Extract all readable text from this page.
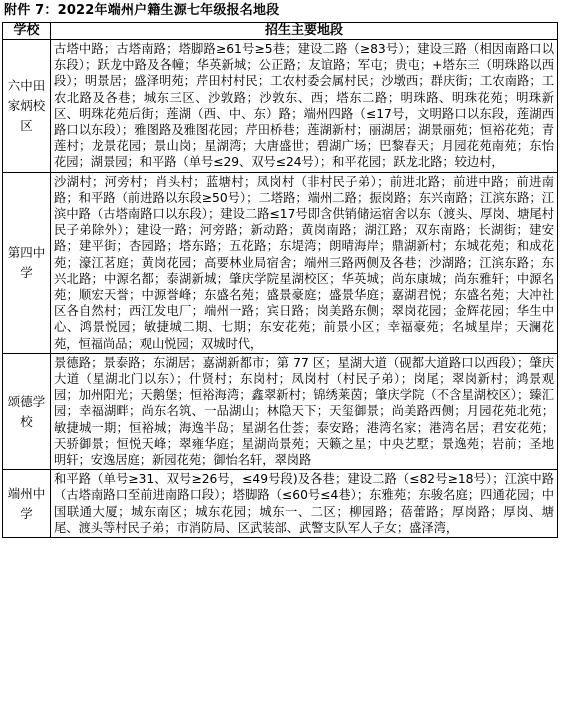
附件 7：2022年端州户籍生源七年级报名地段
学校	招生主要地段
六中田家炳校区	古塔中路；古塔南路；塔脚路≥61号≥5巷；建设二路（≥83号）；建设三路（相因南路口以东段）；跃龙中路及各幢；华英新城；公正路；友谊路；军屯；贵屯；+塔东三（明珠路以西段）；明景居；盛泽明苑；芹田村村民；工农村委会属村民；沙墩西；群庆街；工农南路；工农北路及各巷；城东三区、沙敦路；沙敦东、西；塔东二路；明珠路、明珠花苑；明珠新区、明珠花苑后街；莲湖（西、中、东）路；端州四路（≤17号，文明路口以东段，莲湖西路口以东段）；雅图路及雅图花园；芹田桥巷；莲湖新村；丽湖居；湖景丽苑；恒裕花苑；青莲村；龙景花园；景山岗；星湖湾；大唐盛世；碧湖广场；巴黎春天；月园花苑南苑；东怡花园；湖景园；和平路（单号≤29、双号≤24号）；和平花园；跃龙北路；较边村，
第四中学	沙湖村；河旁村；肖头村；蓝塘村；凤岗村（非村民子弟）；前进北路；前进中路；前进南路；和平路（前进路以东段≥50号）；二塔路；端州二路；振岗路；东兴南路；江滨东路；江滨中路（古塔南路口以东段）；建设二路≤17号即含供销储运宿舍以东（渡头、厚岗、塘尾村民子弟除外）；建设一路；河旁路；新动路；黄岗南路；湖江路；双东南路；长湖街；建安路；建平街；杏园路；塔东路；五花路；东堤湾；朗晴海岸；鼎湖新村；东城花苑；和成花苑；濠江茗庭；黄岗花园；高要林业局宿舍；端州三路两侧及各巷；沙湖路；江滨东路；东兴北路；中源名都；泰湖新城；肇庆学院星湖校区；华英城；尚东康城；尚东雅轩；中源名苑；顺宏天誉；中源誉峰；东盛名苑；盛景豪庭；盛景华庭；嘉湖君悦；东盛名苑；大冲社区各自然村；西江发电厂；端州一路；宾日路；岗美路东侧；翠岗花园；金辉花园；华生中心、鸿景悦园；敏捷城二期、七期；东安花苑；前景小区；幸福豪苑；名城星岸；天澜花苑，恒福尚品；观山悦园；双城时代，
颂德学校	景德路；景泰路；东湖居；嘉湖新都市；第 77 区；星湖大道（砚都大道路口以西段）；肇庆大道（星湖北门以东）；什贤村；东岗村；凤岗村（村民子弟）；岗尾；翠岗新村；鸿景观园；加州阳光；天鹅堡；恒裕海湾；鑫翠新村；锦绣莱茵；肇庆学院（不含星湖校区）；臻汇园；幸福湖畔；尚东名筑、一品湖山；林隐天下；天玺御景；尚美路西侧；月园花苑北苑；敏捷城一期；恒裕城；海逸半岛；星湖名仕荟；泰安路；港湾名家；港湾名居；君安花苑；天骄御景；恒悦天峰；翠雍华庭；星湖尚景苑；天籁之星；中央艺墅；景逸苑；岩前；圣地明轩；安逸居庭；新园花苑；御怡名轩，翠岗路
端州中学	和平路（单号≥31、双号≥26号，≤49号段)及各巷；建设二路（≤82号≥18号）；江滨中路（古塔南路口至前进南路口段）；塔脚路（≤60号≤4巷）；东雅苑；东骏名庭；四通花园；中国联通大厦；城东南区；城东花园；城东一、二区；柳园路；蓓蕾路；厚岗路；厚岗、塘尾、渡头等村民子弟；市消防局、区武装部、武警支队军人子女；盛泽湾，
